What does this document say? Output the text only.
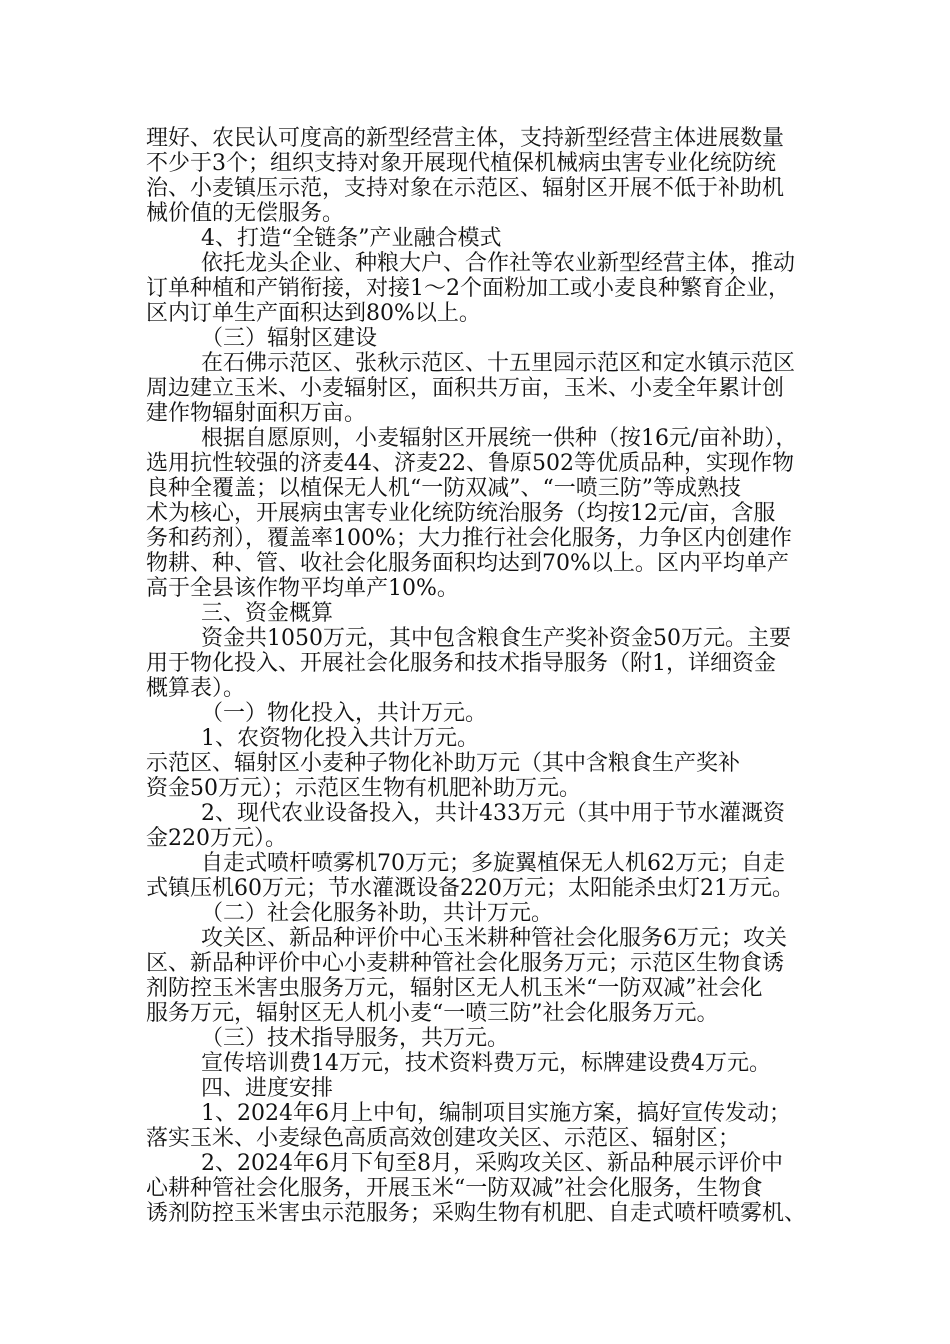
理好、农民认可度高的新型经营主体，支持新型经营主体进展数量
不少于3个；组织支持对象开展现代植保机械病虫害专业化统防统
治、小麦镇压示范，支持对象在示范区、辐射区开展不低于补助机
械价值的无偿服务。
4、打造“全链条”产业融合模式
依托龙头企业、种粮大户、合作社等农业新型经营主体，推动
订单种植和产销衔接，对接1～2个面粉加工或小麦良种繁育企业，
区内订单生产面积达到80%以上。
（三）辐射区建设
在石佛示范区、张秋示范区、十五里园示范区和定水镇示范区
周边建立玉米、小麦辐射区，面积共万亩，玉米、小麦全年累计创
建作物辐射面积万亩。
根据自愿原则，小麦辐射区开展统一供种（按16元/亩补助），
选用抗性较强的济麦44、济麦22、鲁原502等优质品种，实现作物
良种全覆盖；以植保无人机“一防双减”、“一喷三防”等成熟技
术为核心，开展病虫害专业化统防统治服务（均按12元/亩，含服
务和药剂），覆盖率100%；大力推行社会化服务，力争区内创建作
物耕、种、管、收社会化服务面积均达到70%以上。区内平均单产
高于全县该作物平均单产10%。
三、资金概算
资金共1050万元，其中包含粮食生产奖补资金50万元。主要
用于物化投入、开展社会化服务和技术指导服务（附1，详细资金
概算表）。
（一）物化投入，共计万元。
1、农资物化投入共计万元。
示范区、辐射区小麦种子物化补助万元（其中含粮食生产奖补
资金50万元）；示范区生物有机肥补助万元。
2、现代农业设备投入，共计433万元（其中用于节水灌溉资
金220万元）。
自走式喷杆喷雾机70万元；多旋翼植保无人机62万元；自走
式镇压机60万元；节水灌溉设备220万元；太阳能杀虫灯21万元。
（二）社会化服务补助，共计万元。
攻关区、新品种评价中心玉米耕种管社会化服务6万元；攻关
区、新品种评价中心小麦耕种管社会化服务万元；示范区生物食诱
剂防控玉米害虫服务万元，辐射区无人机玉米“一防双减”社会化
服务万元，辐射区无人机小麦“一喷三防”社会化服务万元。
（三）技术指导服务，共万元。
宣传培训费14万元，技术资料费万元，标牌建设费4万元。
四、进度安排
1、2024年6月上中旬，编制项目实施方案，搞好宣传发动；
落实玉米、小麦绿色高质高效创建攻关区、示范区、辐射区；
2、2024年6月下旬至8月，采购攻关区、新品种展示评价中
心耕种管社会化服务，开展玉米“一防双减”社会化服务，生物食
诱剂防控玉米害虫示范服务；采购生物有机肥、自走式喷杆喷雾机、
